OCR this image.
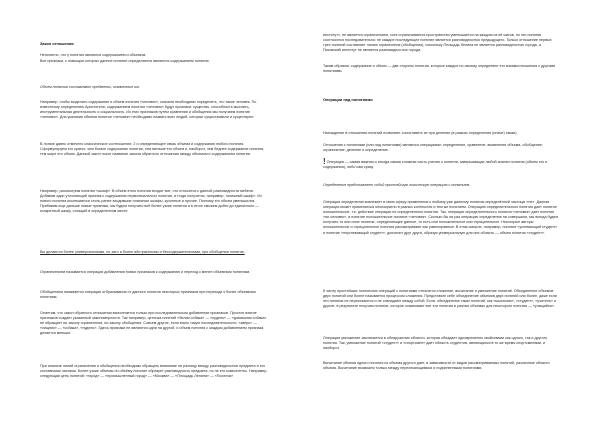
Закон отношения

Непонятно, что у понятия являются содержанием и объемом.

Все признаки, с помощью которых данное понятие определяется являются содержанием понятия.

Объем понятия составляют предметы, охваченные им.

Например, чтобы выделить содержание и объем понятия «человек», сначала необходимо определить, что такое человек. По известному определению Аристотеля, содержанием понятия «человек» будут признаки: существо, способность мыслить, инструментальная деятельность и социальность. Из этих признаков путём сравнения и обобщения мы получаем понятие «человек». Для указания объема понятия «человек» необходимо назвать всех людей, которые существовали и существуют.

В логике давно отмечено классическое соотношение, 2 и определяющее связь объема и содержания любого понятия. Сформулируем его кратко: чем богаче содержание понятия, тем меньше его объем и, наоборот, чем беднее содержание понятия, тем шире его объем. Данный закон носит название закона обратного отношения между объемом и содержанием понятия.

Например, рассмотрим понятие «шкаф». В объем этого понятия входят все, что относится к данной разновидности мебели. Добавим один уточняющий признак к содержанию первоначального понятия, и тогда получится, например, «книжный шкаф». Из нового понятия исключаются столь ранее входившие платяные шкафы, кухонные и прочие. Поэтому его объем уменьшился. Прибавим еще дальше новые признаки, мы будем получать всё более узкие понятия и в итоге сможем дойти до единичного — конкретный шкаф, стоящий в определенном месте.

Вы делаются более универсальными, но зато и более абстрактными и бессодержательными, при обобщении понятия.

Ограничением называется операция добавления новых признаков к содержанию и переход к менее объемным понятиям.

Обобщением называется операция отбрасывания от данного понятия некоторых признаков при переходе к более объемным понятиям.

Отметим, что закон обратного отношения выполняется только при последовательном добавлении признаков. Простое взятие признаков создает указанный закономерности. Так например, цепочка понятий «белая собака» — «пудель» — «домашняя собака» не обращает ни закону ограничения, ни закону обобщения. Совсем другое, если взять такую последовательность: «зверь» — «хищник» — «собака», «пудель». Здесь признаки не являются одни на другой, и объем понятия с каждым добавлением признака делается меньше.

При анализе линий ограничения и обобщения необходимо обращать внимание на разницу между разновидностью предмета и его составными частями. Более узкие объемы по объёму понятие образует разновидность предмета, но не его компоненты. Например, следующая цепь понятий: «город» — «промышленный город» — «Москва» — «Площадь Ленина» — «Поселок»

институт», не является ограничением, хотя ограничивается пространство уменьшается на каждом из её шагов, но эти понятия соотносятся последовательно: не каждое последующее понятие является разновидностью предыдущего. Только отношение первых трех понятий составляет линию ограничения (обобщения), поскольку Площадь Ленина не является разновидностью города, а Псковский институт не является разновидностью города.

Таким образом, содержание и объем — две стороны понятия, которые каждое по-своему определяют его взаимоотношения с другими понятиями.

Операции над понятиями

Нахождение в отношении понятий позволяет сопоставить их при делении (в рамках определения (иначе) связи).

Отношения с понятиями (или над понятиями) являются операциями: определение, сравнение, выявление объема, обобщение, ограничение, деление и определение.

!Операция — самая важная и иногда самая сложная часть учения о понятии, завершающая любой анализ понятия (объем его и содержания), либо сам сразу.

Определение представляет собой простейшую логическую операцию с понятием.

Операция определения вовлекает в свою сферу применения к любому уже данному понятию определённой частицы «не». Данная операция может применяться многократно в разных контекстах и тем же понятием. Операцию определительного понятия дает понятие положительное, т.е. действие операции не определенного понятия. Так, операции определительного понятия «человек» дает понятие «не-человек», а понятие положительное понятие «человек». Сколько бы ни раз операцию определения ни совершали, мы всегда будем получать то или иное понятие, определяющее данное, то есть или положительное или отрицательное. Некоторые авторы положительное и отрицательное понятия рассматривают как равноправные. В этом смысле, например, понятие «успевающий студент» и понятие «неуспевающий студент», дополнит друг друга, образуя универсальную для них область — объем понятия «студент».

К числу простейших логических операций с понятиями относятся сложение, вычитание и умножение понятий. Объединение объемов двух понятий или более называется процессом сложения. Представьте себе объединение объемов двух понятий или более, даже если эти понятия не пересекаются и не совпадают между собой. Если, объединение таких понятий, как «школьник», «студент», «учитель» и другие, в результате получим понятие, которое охватывает все эти понятия в разных объемах для некоторого понятия — «учащийся».

Операция умножение заключается в обнаружении области, которая обладает одновременно свойствами как одного, так и другого понятия. Так, умножение понятий «студент» и «спортсмен» дает область студентов, являющихся в то же время спортсменами, и наоборот.

Вычитание объема одного понятия из объема другого дает, в зависимости от видов рассматриваемых понятий, различные области объема. Вычитание возможно только между пересекающимися и подчиненными понятиями.
